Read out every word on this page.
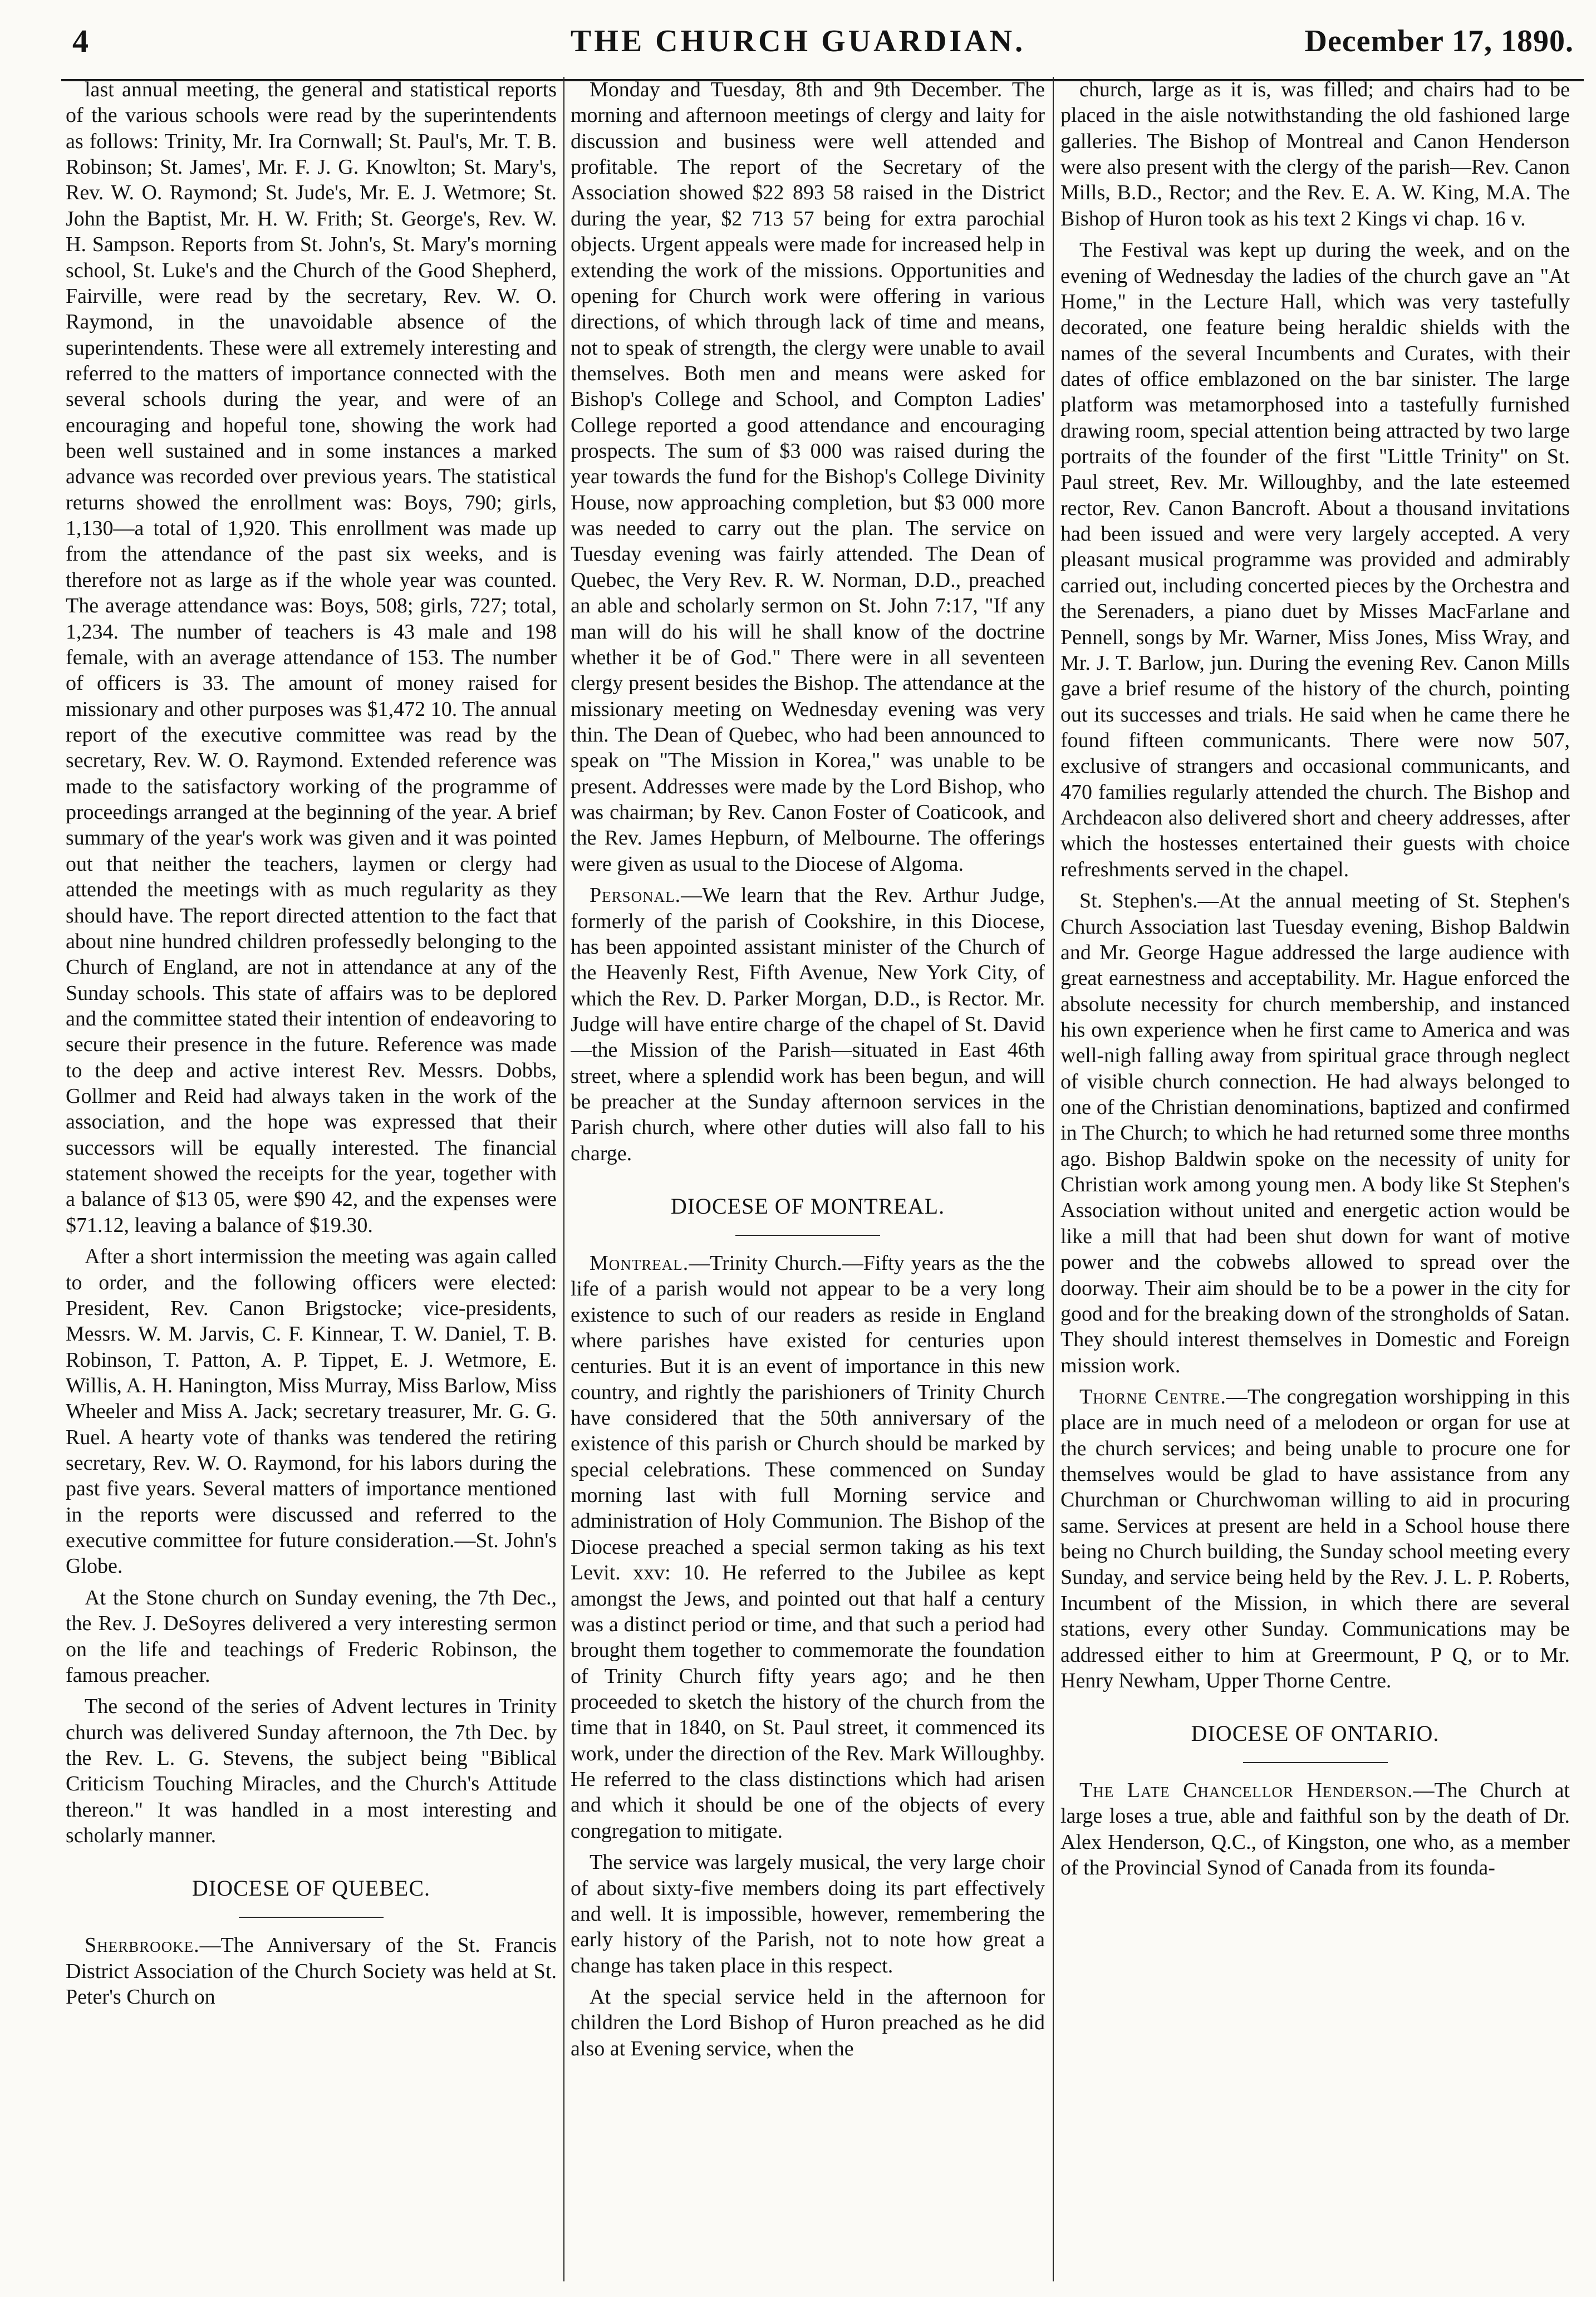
4	THE CHURCH GUARDIAN.	December 17, 1890.

last annual meeting, the general and statistical reports of the various schools were read by the superintendents as follows: Trinity, Mr. Ira Cornwall; St. Paul's, Mr. T. B. Robinson; St. James', Mr. F. J. G. Knowlton; St. Mary's, Rev. W. O. Raymond; St. Jude's, Mr. E. J. Wetmore; St. John the Baptist, Mr. H. W. Frith; St. George's, Rev. W. H. Sampson. Reports from St. John's, St. Mary's morning school, St. Luke's and the Church of the Good Shepherd, Fairville, were read by the secretary, Rev. W. O. Raymond, in the unavoidable absence of the superintendents. These were all extremely interesting and referred to the matters of importance connected with the several schools during the year, and were of an encouraging and hopeful tone, showing the work had been well sustained and in some instances a marked advance was recorded over previous years. The statistical returns showed the enrollment was: Boys, 790; girls, 1,130—a total of 1,920. This enrollment was made up from the attendance of the past six weeks, and is therefore not as large as if the whole year was counted. The average attendance was: Boys, 508; girls, 727; total, 1,234. The number of teachers is 43 male and 198 female, with an average attendance of 153. The number of officers is 33. The amount of money raised for missionary and other purposes was $1,472 10. The annual report of the executive committee was read by the secretary, Rev. W. O. Raymond. Extended reference was made to the satisfactory working of the programme of proceedings arranged at the beginning of the year. A brief summary of the year's work was given and it was pointed out that neither the teachers, laymen or clergy had attended the meetings with as much regularity as they should have. The report directed attention to the fact that about nine hundred children professedly belonging to the Church of England, are not in attendance at any of the Sunday schools. This state of affairs was to be deplored and the committee stated their intention of endeavoring to secure their presence in the future. Reference was made to the deep and active interest Rev. Messrs. Dobbs, Gollmer and Reid had always taken in the work of the association, and the hope was expressed that their successors will be equally interested. The financial statement showed the receipts for the year, together with a balance of $13 05, were $90 42, and the expenses were $71.12, leaving a balance of $19.30.

After a short intermission the meeting was again called to order, and the following officers were elected: President, Rev. Canon Brigstocke; vice-presidents, Messrs. W. M. Jarvis, C. F. Kinnear, T. W. Daniel, T. B. Robinson, T. Patton, A. P. Tippet, E. J. Wetmore, E. Willis, A. H. Hanington, Miss Murray, Miss Barlow, Miss Wheeler and Miss A. Jack; secretary treasurer, Mr. G. G. Ruel. A hearty vote of thanks was tendered the retiring secretary, Rev. W. O. Raymond, for his labors during the past five years. Several matters of importance mentioned in the reports were discussed and referred to the executive committee for future consideration.—St. John's Globe.

At the Stone church on Sunday evening, the 7th Dec., the Rev. J. DeSoyres delivered a very interesting sermon on the life and teachings of Frederic Robinson, the famous preacher.

The second of the series of Advent lectures in Trinity church was delivered Sunday afternoon, the 7th Dec. by the Rev. L. G. Stevens, the subject being "Biblical Criticism Touching Miracles, and the Church's Attitude thereon." It was handled in a most interesting and scholarly manner.

DIOCESE OF QUEBEC.

Sherbrooke.—The Anniversary of the St. Francis District Association of the Church Society was held at St. Peter's Church on

Monday and Tuesday, 8th and 9th December. The morning and afternoon meetings of clergy and laity for discussion and business were well attended and profitable. The report of the Secretary of the Association showed $22 893 58 raised in the District during the year, $2 713 57 being for extra parochial objects. Urgent appeals were made for increased help in extending the work of the missions. Opportunities and opening for Church work were offering in various directions, of which through lack of time and means, not to speak of strength, the clergy were unable to avail themselves. Both men and means were asked for Bishop's College and School, and Compton Ladies' College reported a good attendance and encouraging prospects. The sum of $3 000 was raised during the year towards the fund for the Bishop's College Divinity House, now approaching completion, but $3 000 more was needed to carry out the plan. The service on Tuesday evening was fairly attended. The Dean of Quebec, the Very Rev. R. W. Norman, D.D., preached an able and scholarly sermon on St. John 7:17, "If any man will do his will he shall know of the doctrine whether it be of God." There were in all seventeen clergy present besides the Bishop. The attendance at the missionary meeting on Wednesday evening was very thin. The Dean of Quebec, who had been announced to speak on "The Mission in Korea," was unable to be present. Addresses were made by the Lord Bishop, who was chairman; by Rev. Canon Foster of Coaticook, and the Rev. James Hepburn, of Melbourne. The offerings were given as usual to the Diocese of Algoma.

Personal.—We learn that the Rev. Arthur Judge, formerly of the parish of Cookshire, in this Diocese, has been appointed assistant minister of the Church of the Heavenly Rest, Fifth Avenue, New York City, of which the Rev. D. Parker Morgan, D.D., is Rector. Mr. Judge will have entire charge of the chapel of St. David—the Mission of the Parish—situated in East 46th street, where a splendid work has been begun, and will be preacher at the Sunday afternoon services in the Parish church, where other duties will also fall to his charge.

DIOCESE OF MONTREAL.

Montreal.—Trinity Church.—Fifty years as the the life of a parish would not appear to be a very long existence to such of our readers as reside in England where parishes have existed for centuries upon centuries. But it is an event of importance in this new country, and rightly the parishioners of Trinity Church have considered that the 50th anniversary of the existence of this parish or Church should be marked by special celebrations. These commenced on Sunday morning last with full Morning service and administration of Holy Communion. The Bishop of the Diocese preached a special sermon taking as his text Levit. xxv: 10. He referred to the Jubilee as kept amongst the Jews, and pointed out that half a century was a distinct period or time, and that such a period had brought them together to commemorate the foundation of Trinity Church fifty years ago; and he then proceeded to sketch the history of the church from the time that in 1840, on St. Paul street, it commenced its work, under the direction of the Rev. Mark Willoughby. He referred to the class distinctions which had arisen and which it should be one of the objects of every congregation to mitigate.

The service was largely musical, the very large choir of about sixty-five members doing its part effectively and well. It is impossible, however, remembering the early history of the Parish, not to note how great a change has taken place in this respect.

At the special service held in the afternoon for children the Lord Bishop of Huron preached as he did also at Evening service, when the

church, large as it is, was filled; and chairs had to be placed in the aisle notwithstanding the old fashioned large galleries. The Bishop of Montreal and Canon Henderson were also present with the clergy of the parish—Rev. Canon Mills, B.D., Rector; and the Rev. E. A. W. King, M.A. The Bishop of Huron took as his text 2 Kings vi chap. 16 v.

The Festival was kept up during the week, and on the evening of Wednesday the ladies of the church gave an "At Home," in the Lecture Hall, which was very tastefully decorated, one feature being heraldic shields with the names of the several Incumbents and Curates, with their dates of office emblazoned on the bar sinister. The large platform was metamorphosed into a tastefully furnished drawing room, special attention being attracted by two large portraits of the founder of the first "Little Trinity" on St. Paul street, Rev. Mr. Willoughby, and the late esteemed rector, Rev. Canon Bancroft. About a thousand invitations had been issued and were very largely accepted. A very pleasant musical programme was provided and admirably carried out, including concerted pieces by the Orchestra and the Serenaders, a piano duet by Misses MacFarlane and Pennell, songs by Mr. Warner, Miss Jones, Miss Wray, and Mr. J. T. Barlow, jun. During the evening Rev. Canon Mills gave a brief resume of the history of the church, pointing out its successes and trials. He said when he came there he found fifteen communicants. There were now 507, exclusive of strangers and occasional communicants, and 470 families regularly attended the church. The Bishop and Archdeacon also delivered short and cheery addresses, after which the hostesses entertained their guests with choice refreshments served in the chapel.

St. Stephen's.—At the annual meeting of St. Stephen's Church Association last Tuesday evening, Bishop Baldwin and Mr. George Hague addressed the large audience with great earnestness and acceptability. Mr. Hague enforced the absolute necessity for church membership, and instanced his own experience when he first came to America and was well-nigh falling away from spiritual grace through neglect of visible church connection. He had always belonged to one of the Christian denominations, baptized and confirmed in The Church; to which he had returned some three months ago. Bishop Baldwin spoke on the necessity of unity for Christian work among young men. A body like St Stephen's Association without united and energetic action would be like a mill that had been shut down for want of motive power and the cobwebs allowed to spread over the doorway. Their aim should be to be a power in the city for good and for the breaking down of the strongholds of Satan. They should interest themselves in Domestic and Foreign mission work.

Thorne Centre.—The congregation worshipping in this place are in much need of a melodeon or organ for use at the church services; and being unable to procure one for themselves would be glad to have assistance from any Churchman or Churchwoman willing to aid in procuring same. Services at present are held in a School house there being no Church building, the Sunday school meeting every Sunday, and service being held by the Rev. J. L. P. Roberts, Incumbent of the Mission, in which there are several stations, every other Sunday. Communications may be addressed either to him at Greermount, P Q, or to Mr. Henry Newham, Upper Thorne Centre.

DIOCESE OF ONTARIO.

The Late Chancellor Henderson.—The Church at large loses a true, able and faithful son by the death of Dr. Alex Henderson, Q.C., of Kingston, one who, as a member of the Provincial Synod of Canada from its founda-
